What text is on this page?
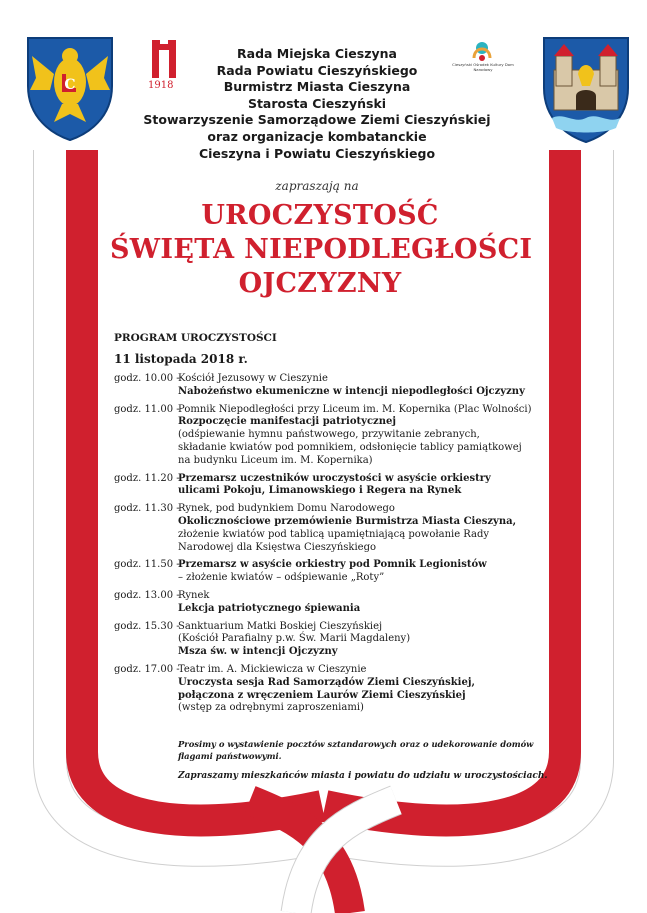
C	1918
Cieszyński Ośrodek Kultury Dom Narodowy
Rada Miejska Cieszyna
Rada Powiatu Cieszyńskiego
Burmistrz Miasta Cieszyna
Starosta Cieszyński
Stowarzyszenie Samorządowe Ziemi Cieszyńskiej
oraz organizacje kombatanckie
Cieszyna i Powiatu Cieszyńskiego
zapraszają na
UROCZYSTOŚĆ
ŚWIĘTA NIEPODLEGŁOŚCI
OJCZYZNY
PROGRAM UROCZYSTOŚCI
11 listopada 2018 r.
godz. 10.00 -
Kościół Jezusowy w Cieszynie
Nabożeństwo ekumeniczne w intencji niepodległości Ojczyzny
godz. 11.00 -
Pomnik Niepodległości przy Liceum im. M. Kopernika (Plac Wolności)
Rozpoczęcie manifestacji patriotycznej
(odśpiewanie hymnu państwowego, przywitanie zebranych,
składanie kwiatów pod pomnikiem, odsłonięcie tablicy pamiątkowej
na budynku Liceum im. M. Kopernika)
godz. 11.20 -
Przemarsz uczestników uroczystości w asyście orkiestry
ulicami Pokoju, Limanowskiego i Regera na Rynek
godz. 11.30 -
Rynek, pod budynkiem Domu Narodowego
Okolicznościowe przemówienie Burmistrza Miasta Cieszyna,
złożenie kwiatów pod tablicą upamiętniającą powołanie Rady
Narodowej dla Księstwa Cieszyńskiego
godz. 11.50 -
Przemarsz w asyście orkiestry pod Pomnik Legionistów
– złożenie kwiatów – odśpiewanie „Roty”
godz. 13.00 -
Rynek
Lekcja patriotycznego śpiewania
godz. 15.30 -
Sanktuarium Matki Boskiej Cieszyńskiej
(Kościół Parafialny p.w. Św. Marii Magdaleny)
Msza św. w intencji Ojczyzny
godz. 17.00 -
Teatr im. A. Mickiewicza w Cieszynie
Uroczysta sesja Rad Samorządów Ziemi Cieszyńskiej,
połączona z wręczeniem Laurów Ziemi Cieszyńskiej
(wstęp za odrębnymi zaproszeniami)
Prosimy o wystawienie pocztów sztandarowych oraz o udekorowanie domów flagami państwowymi.
Zapraszamy mieszkańców miasta i powiatu do udziału w uroczystościach.
